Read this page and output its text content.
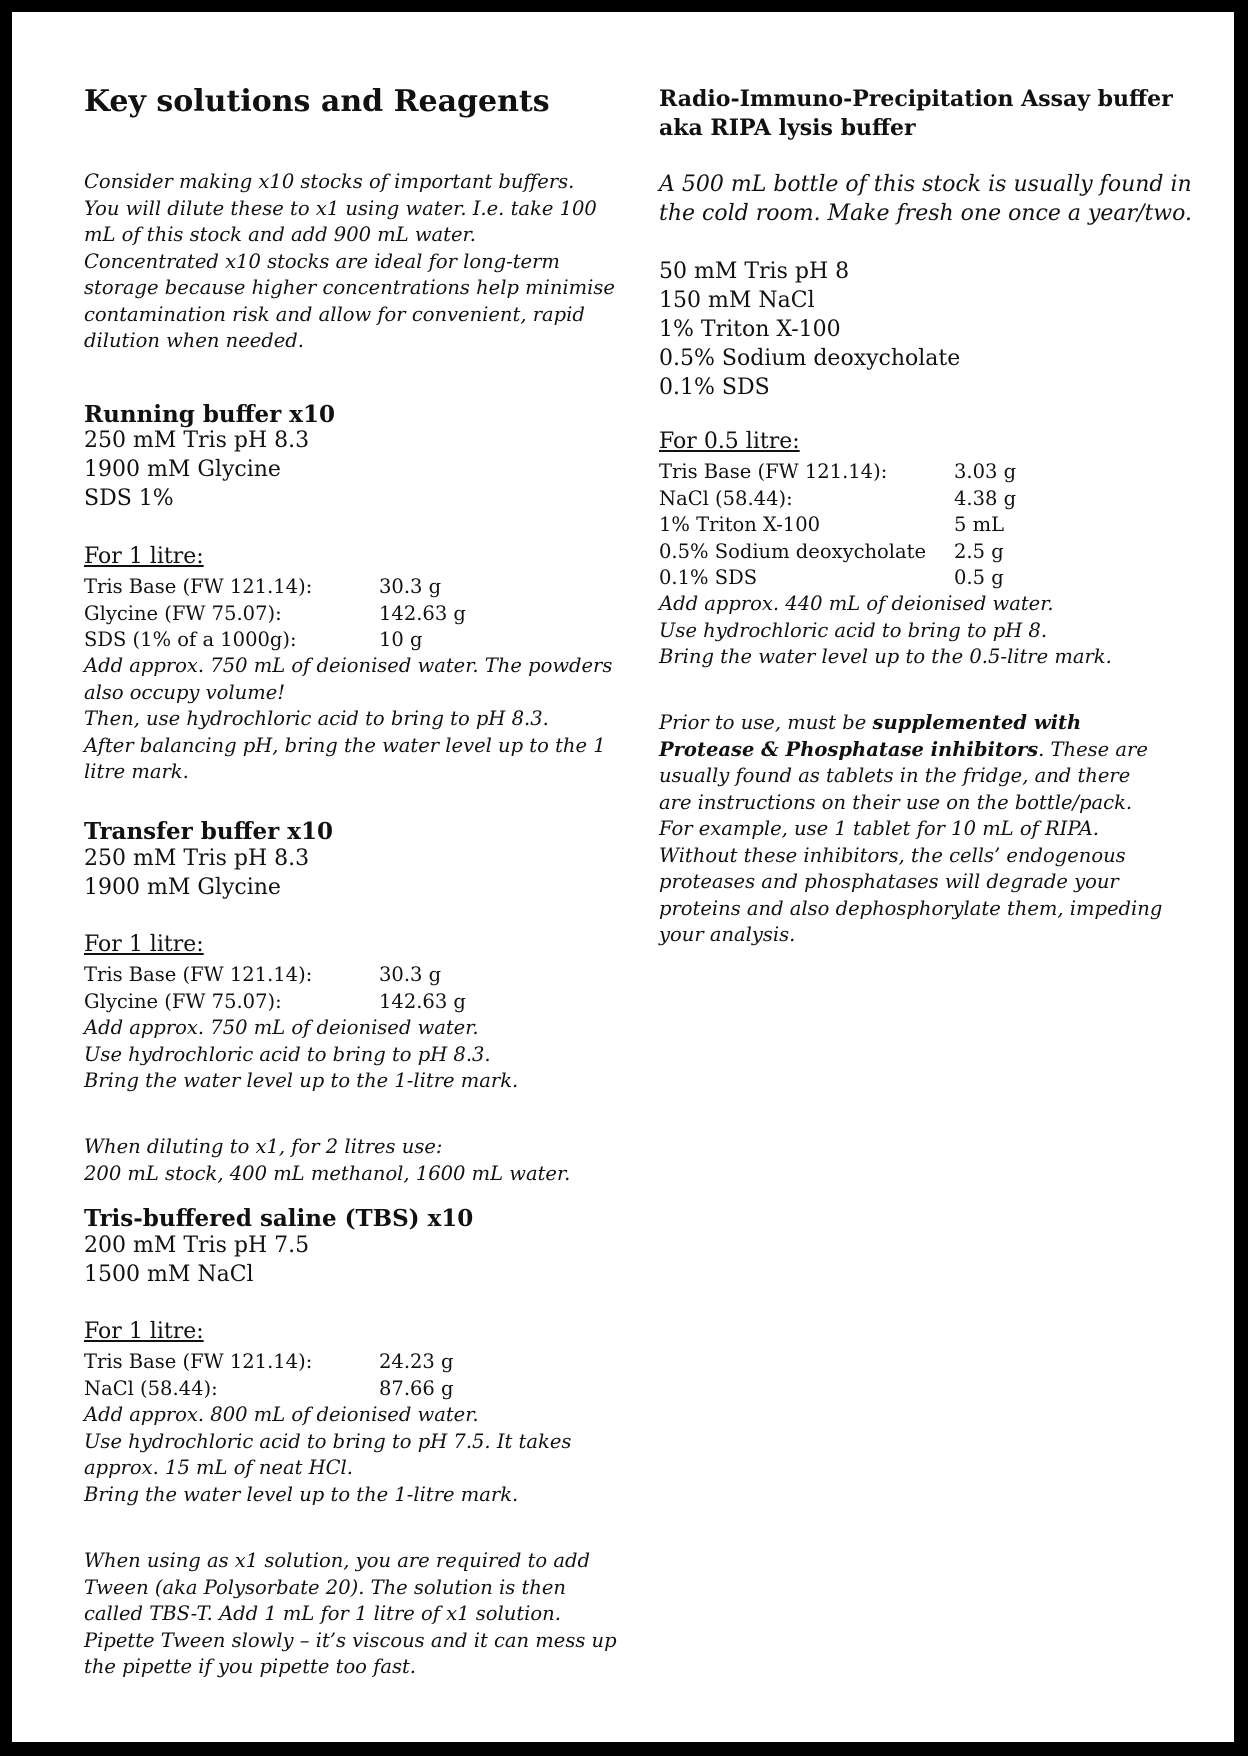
Key solutions and Reagents
Consider making x10 stocks of important buffers.
You will dilute these to x1 using water. I.e. take 100
mL of this stock and add 900 mL water.
Concentrated x10 stocks are ideal for long-term
storage because higher concentrations help minimise
contamination risk and allow for convenient, rapid
dilution when needed.
Running buffer x10
250 mM Tris pH 8.3
1900 mM Glycine
SDS 1%
For 1 litre:
Tris Base (FW 121.14):	30.3 g
Glycine (FW 75.07):	142.63 g
SDS (1% of a 1000g):	10 g
Add approx. 750 mL of deionised water. The powders
also occupy volume!
Then, use hydrochloric acid to bring to pH 8.3.
After balancing pH, bring the water level up to the 1
litre mark.
Transfer buffer x10
250 mM Tris pH 8.3
1900 mM Glycine
For 1 litre:
Tris Base (FW 121.14):	30.3 g
Glycine (FW 75.07):	142.63 g
Add approx. 750 mL of deionised water.
Use hydrochloric acid to bring to pH 8.3.
Bring the water level up to the 1-litre mark.
When diluting to x1, for 2 litres use:
200 mL stock, 400 mL methanol, 1600 mL water.
Tris-buffered saline (TBS) x10
200 mM Tris pH 7.5
1500 mM NaCl
For 1 litre:
Tris Base (FW 121.14):	24.23 g
NaCl (58.44):	87.66 g
Add approx. 800 mL of deionised water.
Use hydrochloric acid to bring to pH 7.5. It takes
approx. 15 mL of neat HCl.
Bring the water level up to the 1-litre mark.
When using as x1 solution, you are required to add
Tween (aka Polysorbate 20). The solution is then
called TBS-T. Add 1 mL for 1 litre of x1 solution.
Pipette Tween slowly – it’s viscous and it can mess up
the pipette if you pipette too fast.
Radio-Immuno-Precipitation Assay buffer
aka RIPA lysis buffer
A 500 mL bottle of this stock is usually found in
the cold room. Make fresh one once a year/two.
50 mM Tris pH 8
150 mM NaCl
1% Triton X-100
0.5% Sodium deoxycholate
0.1% SDS
For 0.5 litre:
Tris Base (FW 121.14):	3.03 g
NaCl (58.44):	4.38 g
1% Triton X-100	5 mL
0.5% Sodium deoxycholate	2.5 g
0.1% SDS	0.5 g
Add approx. 440 mL of deionised water.
Use hydrochloric acid to bring to pH 8.
Bring the water level up to the 0.5-litre mark.
Prior to use, must be supplemented with Protease & Phosphatase inhibitors. These are usually found as tablets in the fridge, and there are instructions on their use on the bottle/pack.
For example, use 1 tablet for 10 mL of RIPA.
Without these inhibitors, the cells’ endogenous
proteases and phosphatases will degrade your
proteins and also dephosphorylate them, impeding
your analysis.
